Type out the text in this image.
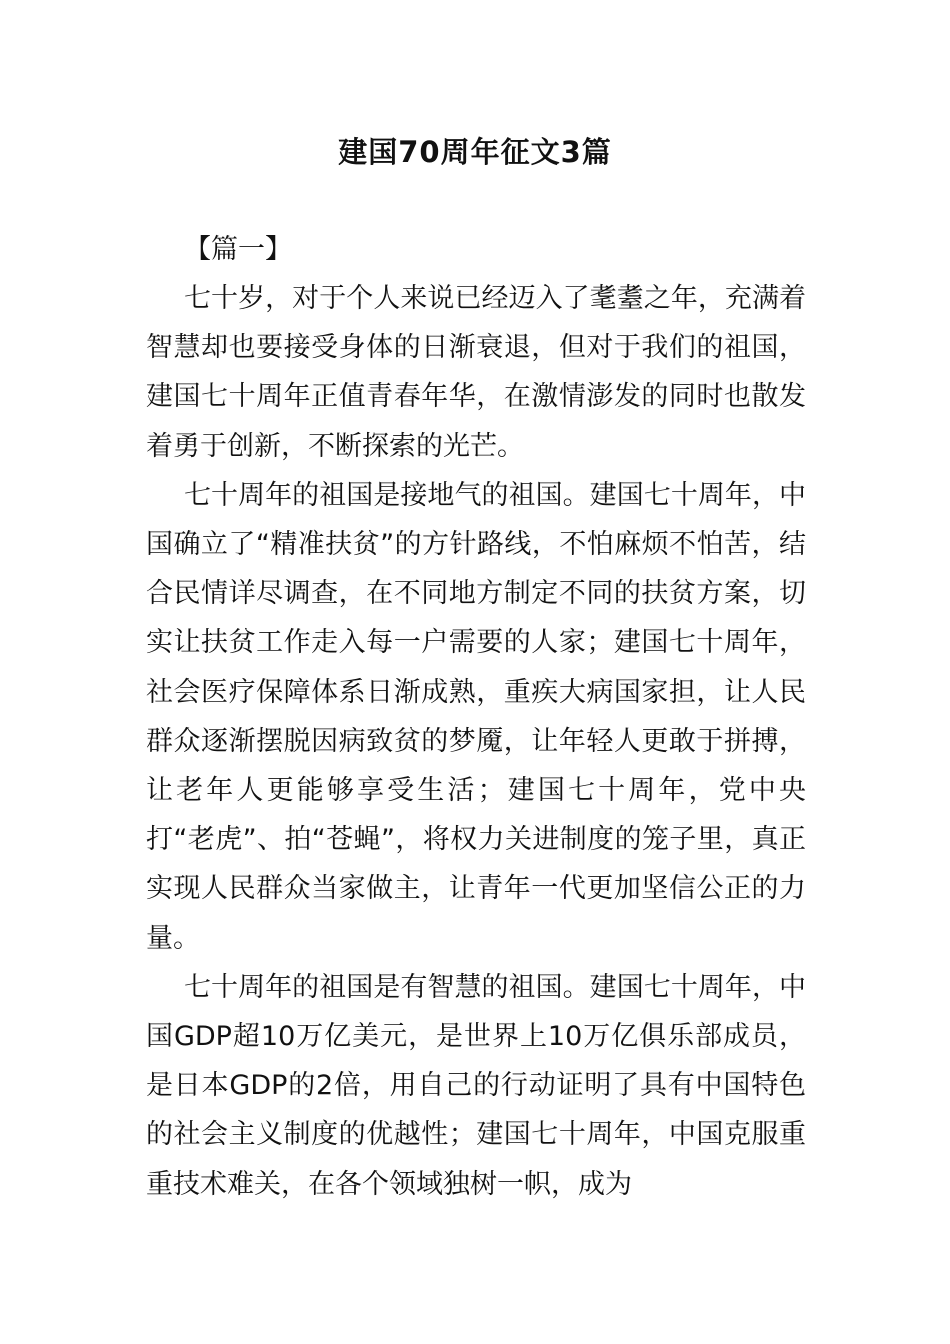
建国70周年征文3篇
【篇一】

七十岁，对于个人来说已经迈入了耄耋之年，充满着智慧却也要接受身体的日渐衰退，但对于我们的祖国，建国七十周年正值青春年华，在激情澎发的同时也散发着勇于创新，不断探索的光芒。

七十周年的祖国是接地气的祖国。建国七十周年，中国确立了“精准扶贫”的方针路线，不怕麻烦不怕苦，结合民情详尽调查，在不同地方制定不同的扶贫方案，切实让扶贫工作走入每一户需要的人家；建国七十周年，社会医疗保障体系日渐成熟，重疾大病国家担，让人民群众逐渐摆脱因病致贫的梦魇，让年轻人更敢于拼搏，让老年人更能够享受生活；建国七十周年，党中央打“老虎”、拍“苍蝇”，将权力关进制度的笼子里，真正实现人民群众当家做主，让青年一代更加坚信公正的力量。

七十周年的祖国是有智慧的祖国。建国七十周年，中国GDP超10万亿美元，是世界上10万亿俱乐部成员，是日本GDP的2倍，用自己的行动证明了具有中国特色的社会主义制度的优越性；建国七十周年，中国克服重重技术难关，在各个领域独树一帜，成为
